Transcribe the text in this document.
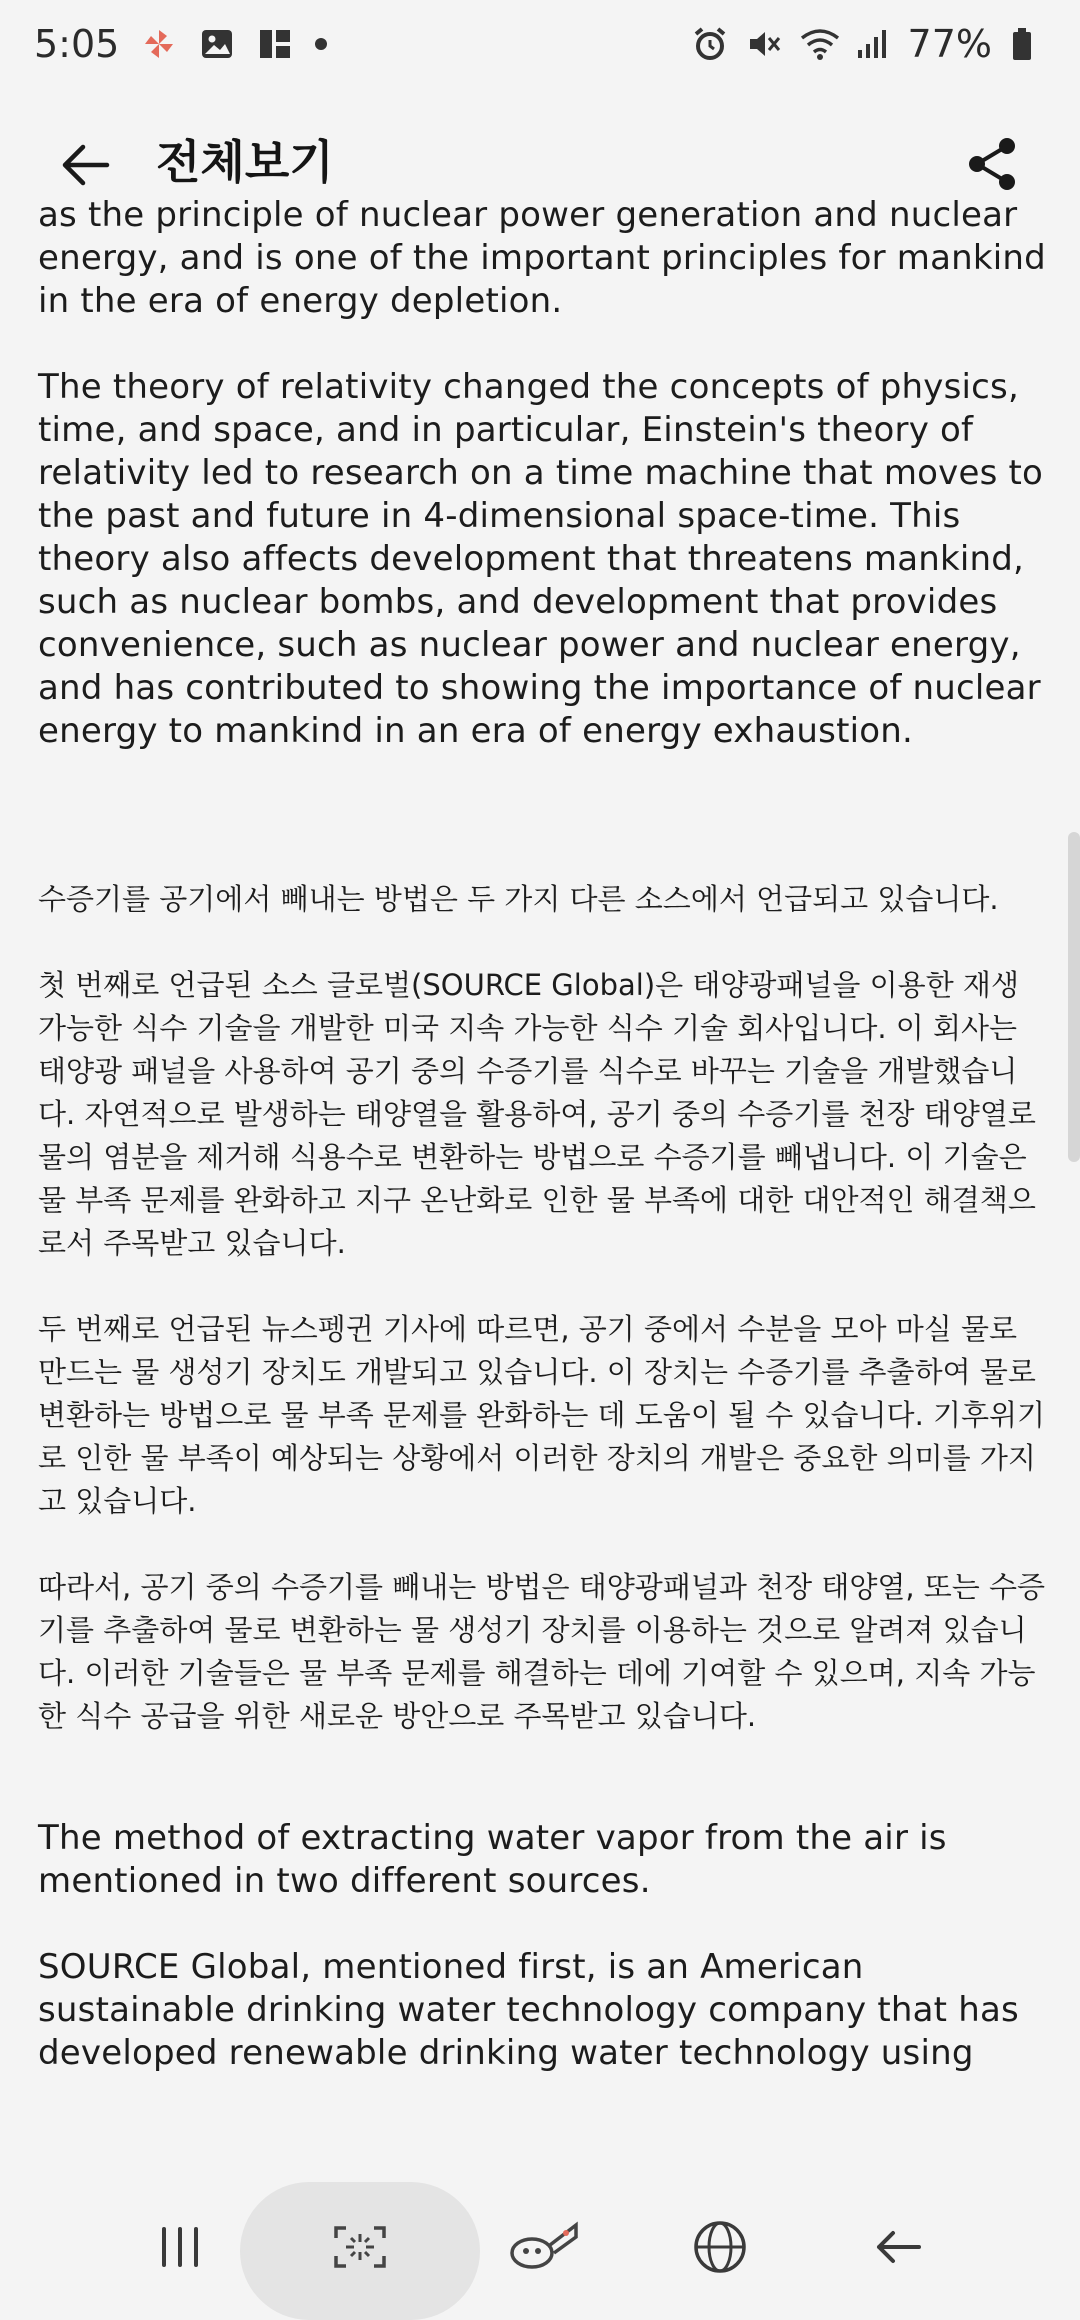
5:05	77%
전체보기

as the principle of nuclear power generation and nuclear energy, and is one of the important principles for mankind in the era of energy depletion.

The theory of relativity changed the concepts of physics, time, and space, and in particular, Einstein's theory of relativity led to research on a time machine that moves to the past and future in 4-dimensional space-time. This theory also affects development that threatens mankind, such as nuclear bombs, and development that provides convenience, such as nuclear power and nuclear energy, and has contributed to showing the importance of nuclear energy to mankind in an era of energy exhaustion.

수증기를 공기에서 빼내는 방법은 두 가지 다른 소스에서 언급되고 있습니다.

첫 번째로 언급된 소스 글로벌(SOURCE Global)은 태양광패널을 이용한 재생 가능한 식수 기술을 개발한 미국 지속 가능한 식수 기술 회사입니다. 이 회사는 태양광 패널을 사용하여 공기 중의 수증기를 식수로 바꾸는 기술을 개발했습니다. 자연적으로 발생하는 태양열을 활용하여, 공기 중의 수증기를 천장 태양열로 물의 염분을 제거해 식용수로 변환하는 방법으로 수증기를 빼냅니다. 이 기술은 물 부족 문제를 완화하고 지구 온난화로 인한 물 부족에 대한 대안적인 해결책으로서 주목받고 있습니다.

두 번째로 언급된 뉴스펭귄 기사에 따르면, 공기 중에서 수분을 모아 마실 물로 만드는 물 생성기 장치도 개발되고 있습니다. 이 장치는 수증기를 추출하여 물로 변환하는 방법으로 물 부족 문제를 완화하는 데 도움이 될 수 있습니다. 기후위기로 인한 물 부족이 예상되는 상황에서 이러한 장치의 개발은 중요한 의미를 가지고 있습니다.

따라서, 공기 중의 수증기를 빼내는 방법은 태양광패널과 천장 태양열, 또는 수증기를 추출하여 물로 변환하는 물 생성기 장치를 이용하는 것으로 알려져 있습니다. 이러한 기술들은 물 부족 문제를 해결하는 데에 기여할 수 있으며, 지속 가능한 식수 공급을 위한 새로운 방안으로 주목받고 있습니다.

The method of extracting water vapor from the air is mentioned in two different sources.

SOURCE Global, mentioned first, is an American sustainable drinking water technology company that has developed renewable drinking water technology using
